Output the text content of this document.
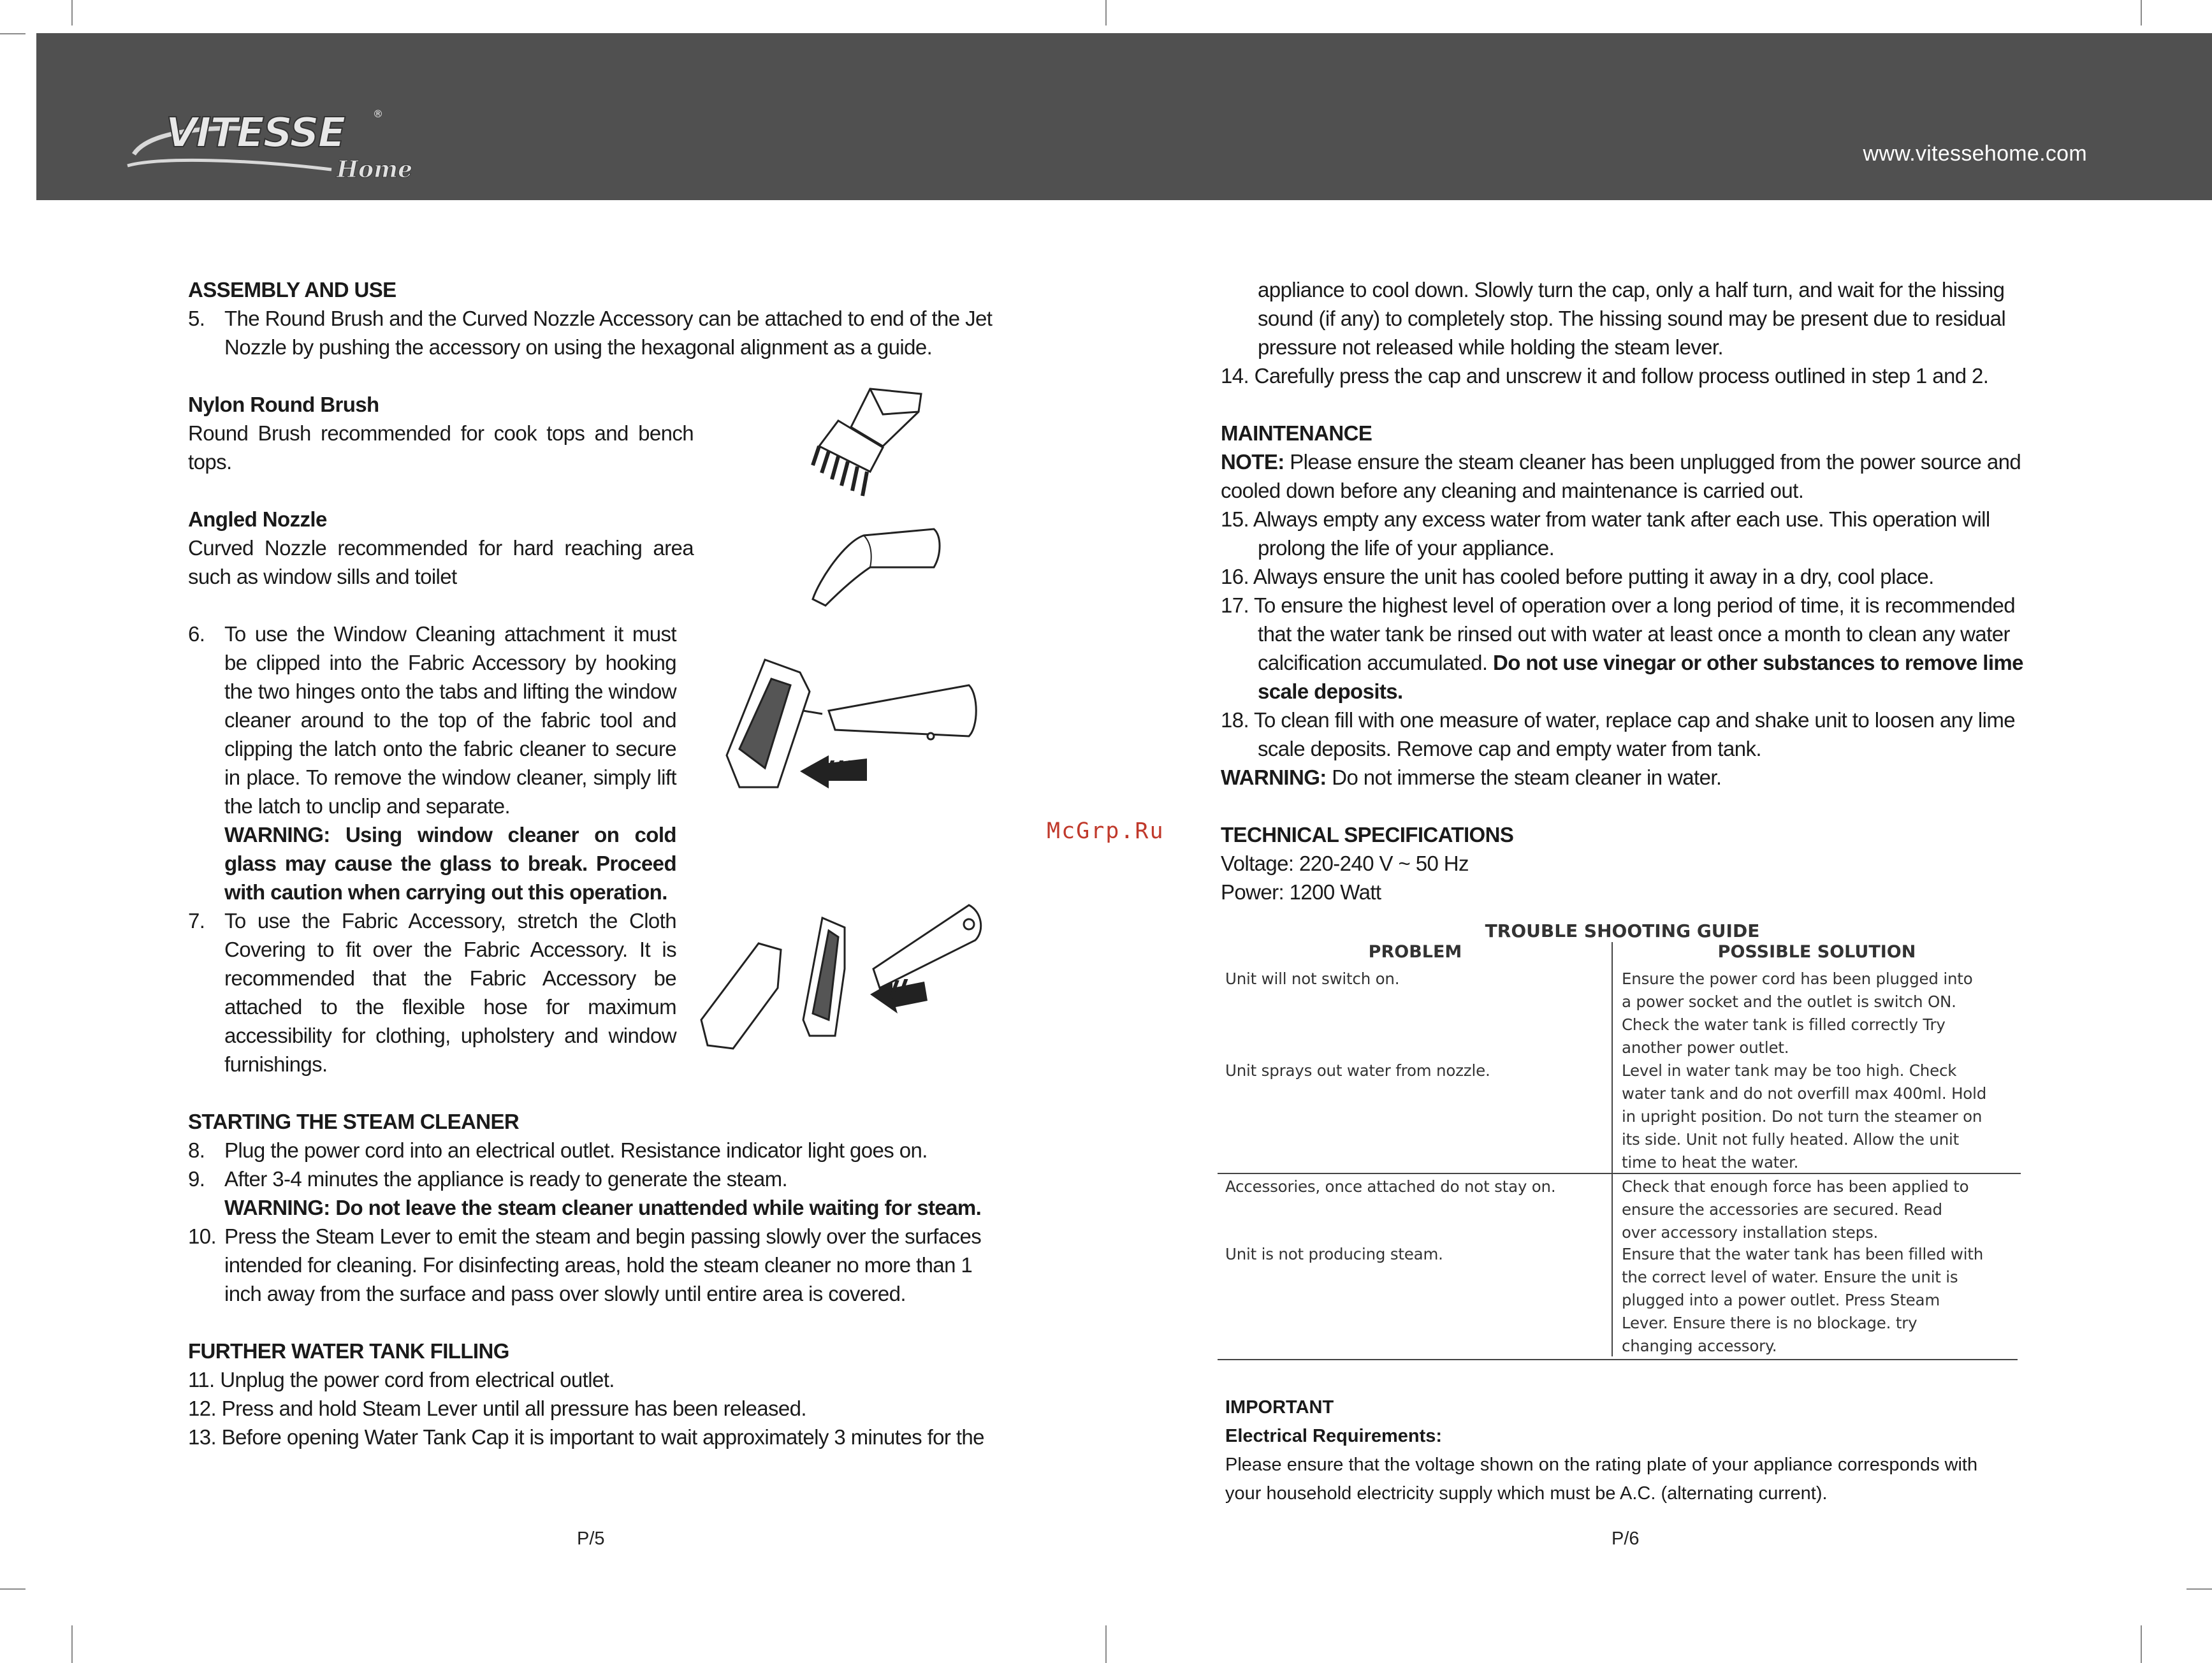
VITESSE	®
Home
www.vitessehome.com

ASSEMBLY AND USE

5. The Round Brush and the Curved Nozzle Accessory can be attached to end of the Jet Nozzle by pushing the accessory on using the hexagonal alignment as a guide.

Nylon Round Brush

Round Brush recommended for cook tops and bench tops.

Angled Nozzle

Curved Nozzle recommended for hard reaching area such as window sills and toilet

6. To use the Window Cleaning attachment it must be clipped into the Fabric Accessory by hooking the two hinges onto the tabs and lifting the window cleaner around to the top of the fabric tool and clipping the latch onto the fabric cleaner to secure in place. To remove the window cleaner, simply lift the latch to unclip and separate.

WARNING: Using window cleaner on cold glass may cause the glass to break. Proceed with caution when carrying out this operation.

7. To use the Fabric Accessory, stretch the Cloth Covering to fit over the Fabric Accessory. It is recommended that the Fabric Accessory be attached to the flexible hose for maximum accessibility for clothing, upholstery and window furnishings.

STARTING THE STEAM CLEANER

8. Plug the power cord into an electrical outlet. Resistance indicator light goes on.

9. After 3-4 minutes the appliance is ready to generate the steam.

WARNING: Do not leave the steam cleaner unattended while waiting for steam.

10. Press the Steam Lever to emit the steam and begin passing slowly over the surfaces intended for cleaning. For disinfecting areas, hold the steam cleaner no more than 1 inch away from the surface and pass over slowly until entire area is covered.

FURTHER WATER TANK FILLING

11. Unplug the power cord from electrical outlet.

12. Press and hold Steam Lever until all pressure has been released.

13. Before opening Water Tank Cap it is important to wait approximately 3 minutes for the

McGrp.Ru

appliance to cool down. Slowly turn the cap, only a half turn, and wait for the hissing sound (if any) to completely stop. The hissing sound may be present due to residual pressure not released while holding the steam lever.

14. Carefully press the cap and unscrew it and follow process outlined in step 1 and 2.

MAINTENANCE

NOTE: Please ensure the steam cleaner has been unplugged from the power source and cooled down before any cleaning and maintenance is carried out.

15. Always empty any excess water from water tank after each use. This operation will prolong the life of your appliance.

16. Always ensure the unit has cooled before putting it away in a dry, cool place.

17. To ensure the highest level of operation over a long period of time, it is recommended that the water tank be rinsed out with water at least once a month to clean any water calcification accumulated. Do not use vinegar or other substances to remove lime scale deposits.

18. To clean fill with one measure of water, replace cap and shake unit to loosen any lime scale deposits. Remove cap and empty water from tank.

WARNING: Do not immerse the steam cleaner in water.

TECHNICAL SPECIFICATIONS

Voltage: 220-240 V ~ 50 Hz

Power: 1200 Watt

TROUBLE SHOOTING GUIDE
PROBLEM	POSSIBLE SOLUTION
Unit will not switch on.	Ensure the power cord has been plugged into
a power socket and the outlet is switch ON.
Check the water tank is filled correctly Try
another power outlet.
Unit sprays out water from nozzle.	Level in water tank may be too high. Check
water tank and do not overfill max 400ml. Hold
in upright position. Do not turn the steamer on
its side. Unit not fully heated. Allow the unit
time to heat the water.
Accessories, once attached do not stay on.	Check that enough force has been applied to
ensure the accessories are secured. Read
over accessory installation steps.
Unit is not producing steam.	Ensure that the water tank has been filled with
the correct level of water. Ensure the unit is
plugged into a power outlet. Press Steam
Lever. Ensure there is no blockage. try
changing accessory.

IMPORTANT

Electrical Requirements:

Please ensure that the voltage shown on the rating plate of your appliance corresponds with

your household electricity supply which must be A.C. (alternating current).

P/5	P/6
